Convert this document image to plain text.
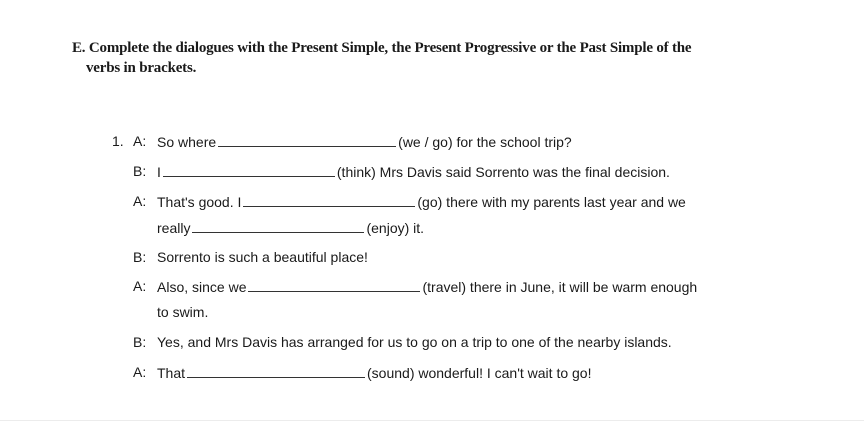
E. Complete the dialogues with the Present Simple, the Present Progressive or the Past Simple of the
verbs in brackets.
1. A: So where	(we / go) for the school trip?
B: I	(think) Mrs Davis said Sorrento was the final decision.
A: That's good. I	(go) there with my parents last year and we
really	(enjoy) it.
B: Sorrento is such a beautiful place!
A: Also, since we	(travel) there in June, it will be warm enough
to swim.
B: Yes, and Mrs Davis has arranged for us to go on a trip to one of the nearby islands.
A: That	(sound) wonderful! I can't wait to go!
